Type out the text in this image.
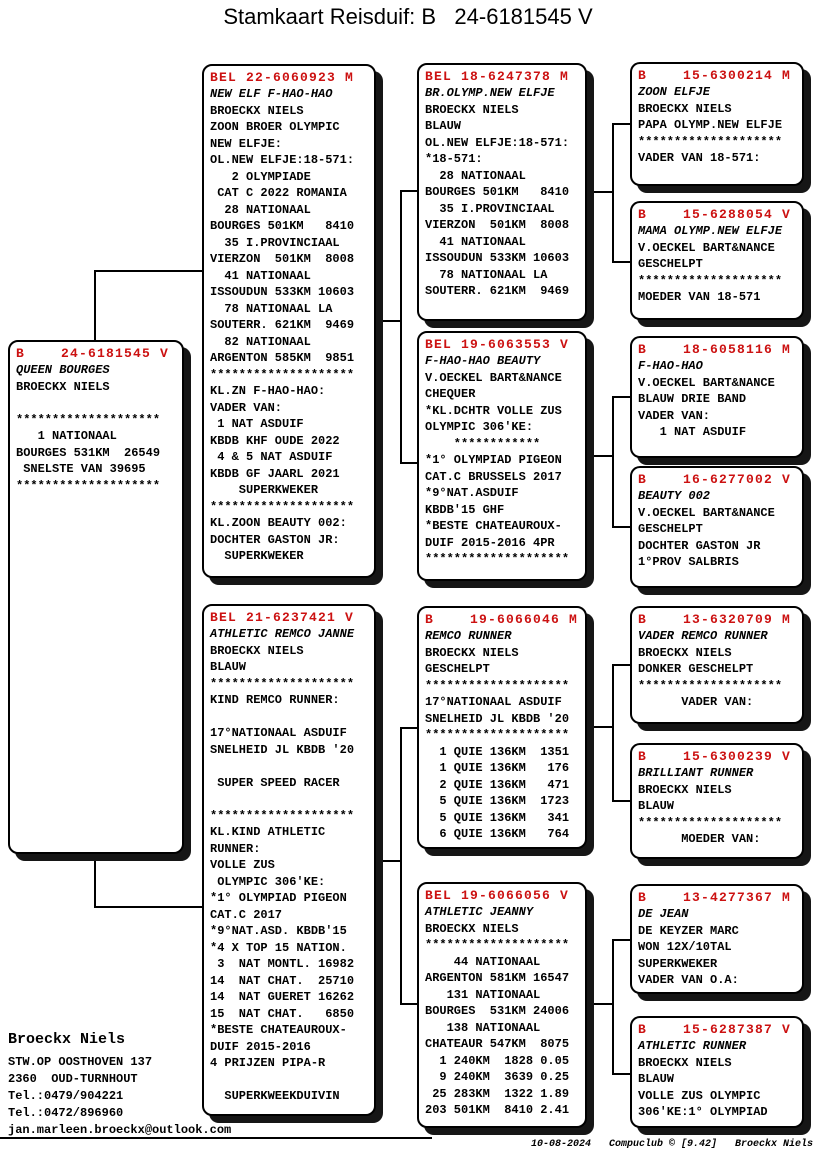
Stamkaart Reisduif: B   24-6181545 V
B    24-6181545 V
QUEEN BOURGES
BROECKX NIELS

********************
1 NATIONAAL
BOURGES 531KM  26549
SNELSTE VAN 39695
********************
BEL 22-6060923 M
NEW ELF F-HAO-HAO
BROECKX NIELS
ZOON BROER OLYMPIC
NEW ELFJE:
OL.NEW ELFJE:18-571:
2 OLYMPIADE
CAT C 2022 ROMANIA
28 NATIONAAL
BOURGES 501KM   8410
35 I.PROVINCIAAL
VIERZON  501KM  8008
41 NATIONAAL
ISSOUDUN 533KM 10603
78 NATIONAAL LA
SOUTERR. 621KM  9469
82 NATIONAAL
ARGENTON 585KM  9851
********************
KL.ZN F-HAO-HAO:
VADER VAN:
1 NAT ASDUIF
KBDB KHF OUDE 2022
4 & 5 NAT ASDUIF
KBDB GF JAARL 2021
SUPERKWEKER
********************
KL.ZOON BEAUTY 002:
DOCHTER GASTON JR:
SUPERKWEKER
BEL 21-6237421 V
ATHLETIC REMCO JANNE
BROECKX NIELS
BLAUW
********************
KIND REMCO RUNNER:

17°NATIONAAL ASDUIF
SNELHEID JL KBDB '20

SUPER SPEED RACER

********************
KL.KIND ATHLETIC
RUNNER:
VOLLE ZUS
OLYMPIC 306'KE:
*1° OLYMPIAD PIGEON
CAT.C 2017
*9°NAT.ASD. KBDB'15
*4 X TOP 15 NATION.
3  NAT MONTL. 16982
14  NAT CHAT.  25710
14  NAT GUERET 16262
15  NAT CHAT.   6850
*BESTE CHATEAUROUX-
DUIF 2015-2016
4 PRIJZEN PIPA-R

SUPERKWEEKDUIVIN
BEL 18-6247378 M
BR.OLYMP.NEW ELFJE
BROECKX NIELS
BLAUW
OL.NEW ELFJE:18-571:
*18-571:
28 NATIONAAL
BOURGES 501KM   8410
35 I.PROVINCIAAL
VIERZON  501KM  8008
41 NATIONAAL
ISSOUDUN 533KM 10603
78 NATIONAAL LA
SOUTERR. 621KM  9469
BEL 19-6063553 V
F-HAO-HAO BEAUTY
V.OECKEL BART&NANCE
CHEQUER
*KL.DCHTR VOLLE ZUS
OLYMPIC 306'KE:
************
*1° OLYMPIAD PIGEON
CAT.C BRUSSELS 2017
*9°NAT.ASDUIF
KBDB'15 GHF
*BESTE CHATEAUROUX-
DUIF 2015-2016 4PR
********************
B    19-6066046 M
REMCO RUNNER
BROECKX NIELS
GESCHELPT
********************
17°NATIONAAL ASDUIF
SNELHEID JL KBDB '20
********************
1 QUIE 136KM  1351
1 QUIE 136KM   176
2 QUIE 136KM   471
5 QUIE 136KM  1723
5 QUIE 136KM   341
6 QUIE 136KM   764
BEL 19-6066056 V
ATHLETIC JEANNY
BROECKX NIELS
********************
44 NATIONAAL
ARGENTON 581KM 16547
131 NATIONAAL
BOURGES  531KM 24006
138 NATIONAAL
CHATEAUR 547KM  8075
1 240KM  1828 0.05
9 240KM  3639 0.25
25 283KM  1322 1.89
203 501KM  8410 2.41
B    15-6300214 M
ZOON ELFJE
BROECKX NIELS
PAPA OLYMP.NEW ELFJE
********************
VADER VAN 18-571:
B    15-6288054 V
MAMA OLYMP.NEW ELFJE
V.OECKEL BART&NANCE
GESCHELPT
********************
MOEDER VAN 18-571
B    18-6058116 M
F-HAO-HAO
V.OECKEL BART&NANCE
BLAUW DRIE BAND
VADER VAN:
1 NAT ASDUIF
B    16-6277002 V
BEAUTY 002
V.OECKEL BART&NANCE
GESCHELPT
DOCHTER GASTON JR
1°PROV SALBRIS
B    13-6320709 M
VADER REMCO RUNNER
BROECKX NIELS
DONKER GESCHELPT
********************
VADER VAN:
B    15-6300239 V
BRILLIANT RUNNER
BROECKX NIELS
BLAUW
********************
MOEDER VAN:
B    13-4277367 M
DE JEAN
DE KEYZER MARC
WON 12X/10TAL
SUPERKWEKER
VADER VAN O.A:
B    15-6287387 V
ATHLETIC RUNNER
BROECKX NIELS
BLAUW
VOLLE ZUS OLYMPIC
306'KE:1° OLYMPIAD
Broeckx Niels
STW.OP OOSTHOVEN 137
2360  OUD-TURNHOUT
Tel.:0479/904221
Tel.:0472/896960
jan.marleen.broeckx@outlook.com
10-08-2024   Compuclub © [9.42]   Broeckx Niels
